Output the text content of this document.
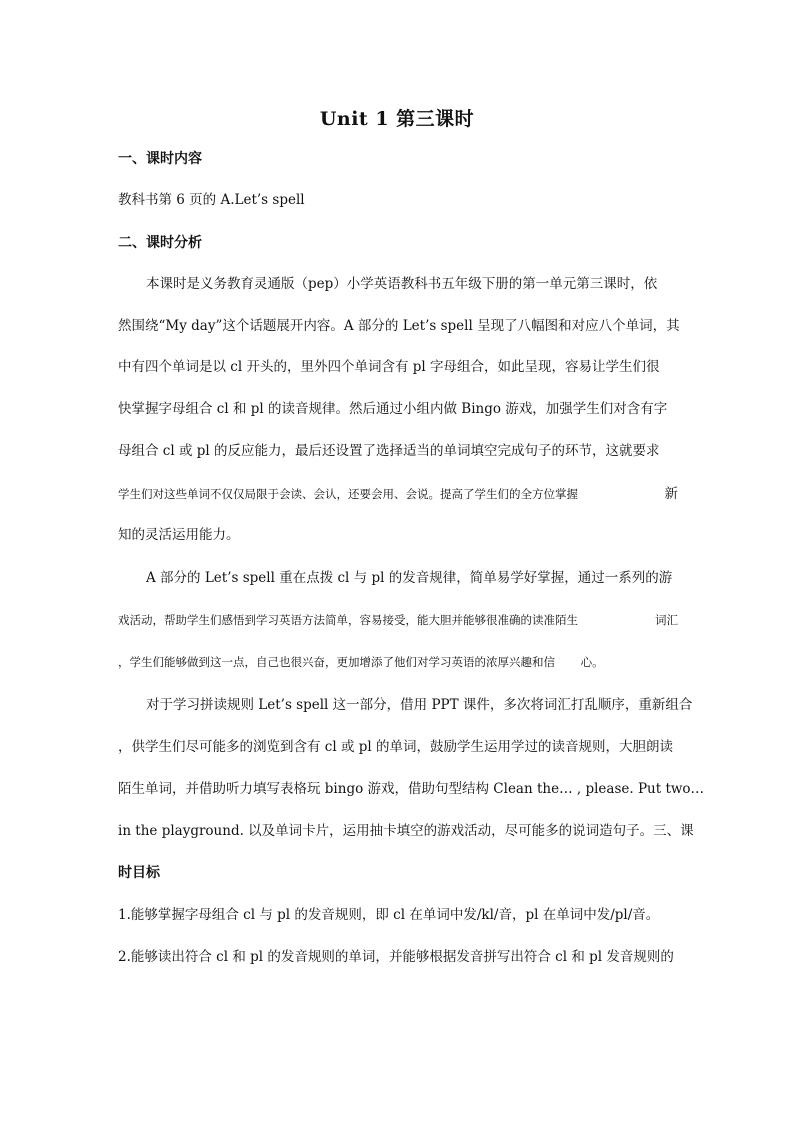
Unit 1 第三课时
一、课时内容
教科书第 6 页的 A.Let’s spell
二、课时分析
本课时是义务教育灵通版（pep）小学英语教科书五年级下册的第一单元第三课时，依
然围绕“My day”这个话题展开内容。A 部分的 Let’s spell 呈现了八幅图和对应八个单词，其
中有四个单词是以 cl 开头的，里外四个单词含有 pl 字母组合，如此呈现，容易让学生们很
快掌握字母组合 cl 和 pl 的读音规律。然后通过小组内做 Bingo 游戏，加强学生们对含有字
母组合 cl 或 pl 的反应能力，最后还设置了选择适当的单词填空完成句子的环节，这就要求
学生们对这些单词不仅仅局限于会读、会认，还要会用、会说。提高了学生们的全方位掌握	新
知的灵活运用能力。
A 部分的 Let’s spell 重在点拨 cl 与 pl 的发音规律，简单易学好掌握，通过一系列的游
戏活动，帮助学生们感悟到学习英语方法简单，容易接受，能大胆并能够很准确的读准陌生	词汇
，学生们能够做到这一点，自己也很兴奋，更加增添了他们对学习英语的浓厚兴趣和信 心。
对于学习拼读规则 Let’s spell 这一部分，借用 PPT 课件，多次将词汇打乱顺序，重新组合
，供学生们尽可能多的浏览到含有 cl 或 pl 的单词，鼓励学生运用学过的读音规则，大胆朗读
陌生单词，并借助听力填写表格玩 bingo 游戏，借助句型结构 Clean the… , please. Put two…
in the playground. 以及单词卡片，运用抽卡填空的游戏活动，尽可能多的说词造句子。三、课
时目标
1.能够掌握字母组合 cl 与 pl 的发音规则，即 cl 在单词中发/kl/音，pl 在单词中发/pl/音。
2.能够读出符合 cl 和 pl 的发音规则的单词，并能够根据发音拼写出符合 cl 和 pl 发音规则的
